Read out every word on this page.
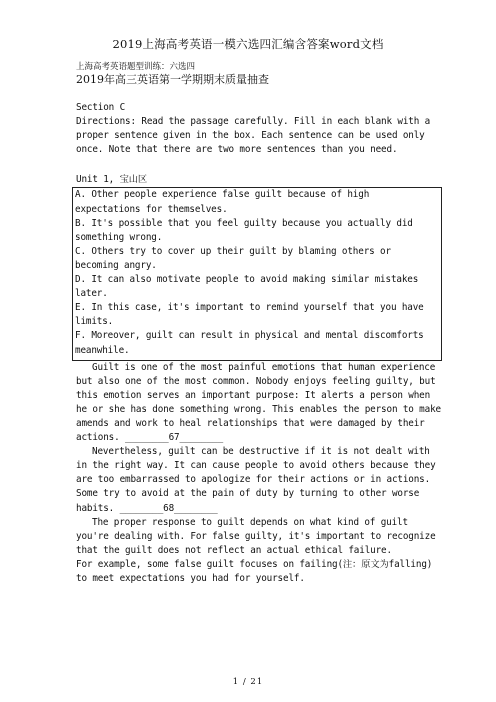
2019上海高考英语一模六选四汇编含答案word文档
上海高考英语题型训练：六选四
2019年高三英语第一学期期末质量抽查
Section C
Directions: Read the passage carefully. Fill in each blank with a proper sentence given in the box. Each sentence can be used only once. Note that there are two more sentences than you need.
Unit 1, 宝山区
A. Other people experience false guilt because of high expectations for themselves.
B. It's possible that you feel guilty because you actually did something wrong.
C. Others try to cover up their guilt by blaming others or becoming angry.
D. It can also motivate people to avoid making similar mistakes later.
E. In this case, it's important to remind yourself that you have limits.
F. Moreover, guilt can result in physical and mental discomforts meanwhile.
Guilt is one of the most painful emotions that human experience but also one of the most common. Nobody enjoys feeling guilty, but this emotion serves an important purpose: It alerts a person when he or she has done something wrong. This enables the person to make amends and work to heal relationships that were damaged by their actions. ________67________
Nevertheless, guilt can be destructive if it is not dealt with in the right way. It can cause people to avoid others because they are too embarrassed to apologize for their actions or in actions. Some try to avoid at the pain of duty by turning to other worse habits. ________68________
The proper response to guilt depends on what kind of guilt you're dealing with. For false guilty, it's important to recognize that the guilt does not reflect an actual ethical failure.
For example, some false guilt focuses on failing(注：原文为falling) to meet expectations you had for yourself.
1 / 21
